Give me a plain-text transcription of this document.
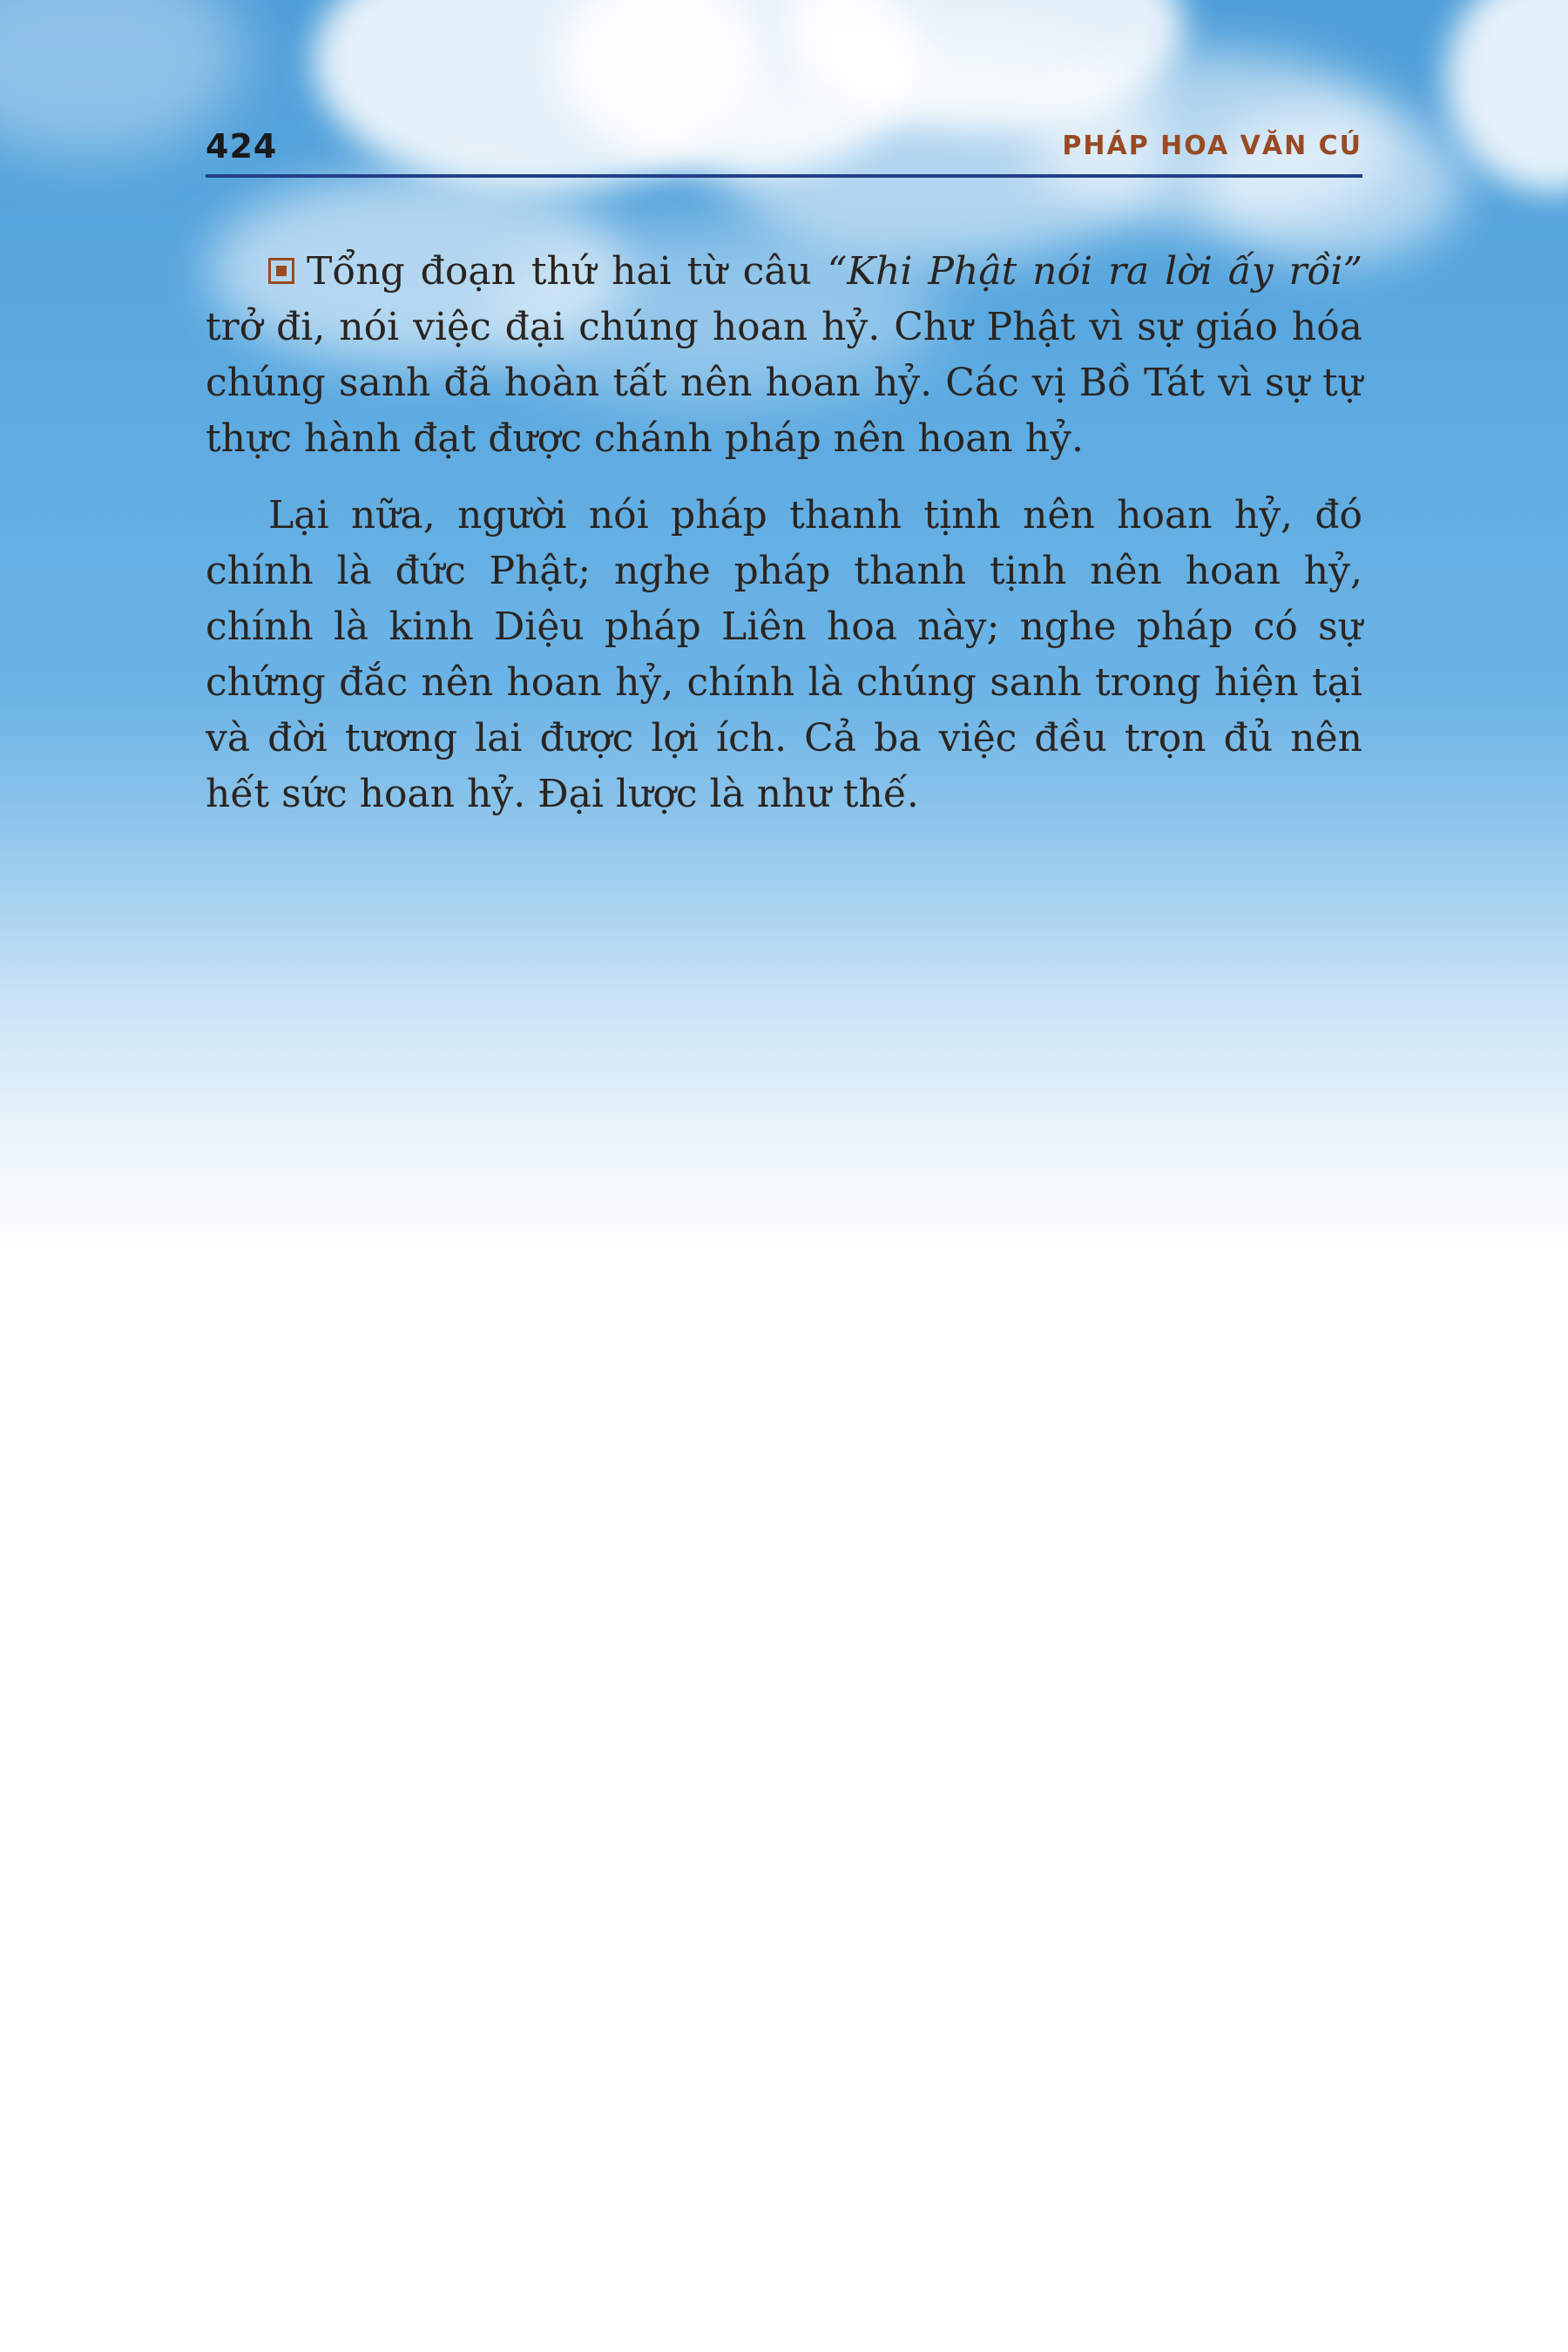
424	PHÁP HOA VĂN CÚ

Tổng đoạn thứ hai từ câu “Khi Phật nói ra lời ấy rồi” trở đi, nói việc đại chúng hoan hỷ. Chư Phật vì sự giáo hóa chúng sanh đã hoàn tất nên hoan hỷ. Các vị Bồ Tát vì sự tự thực hành đạt được chánh pháp nên hoan hỷ.

Lại nữa, người nói pháp thanh tịnh nên hoan hỷ, đó chính là đức Phật; nghe pháp thanh tịnh nên hoan hỷ, chính là kinh Diệu pháp Liên hoa này; nghe pháp có sự chứng đắc nên hoan hỷ, chính là chúng sanh trong hiện tại và đời tương lai được lợi ích. Cả ba việc đều trọn đủ nên hết sức hoan hỷ. Đại lược là như thế.
